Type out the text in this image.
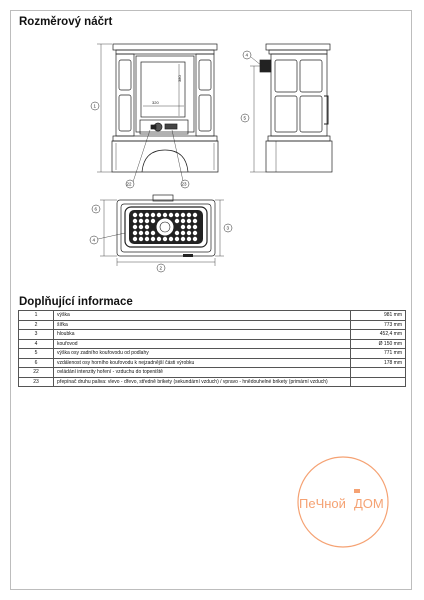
Rozměrový náčrt
320
380
1
22	23
4
5
6
4
2
3
Doplňující informace
1	výška	981 mm
2	šířka	773 mm
3	hloubka	452,4 mm
4	kouřovod	Ø 150 mm
5	výška osy zadního kouřovodu od podlahy	771 mm
6	vzdálenost osy horního kouřovodu k nejzadnější části výrobku	178 mm
22	ovládání intenzity hoření - vzduchu do topeniště	
23	přepínač druhu paliva: vlevo - dřevo, středně brikety (sekundární vzduch) / vpravo - hnědouhelné brikety (primární vzduch)	
ПеЧной ДОМ
